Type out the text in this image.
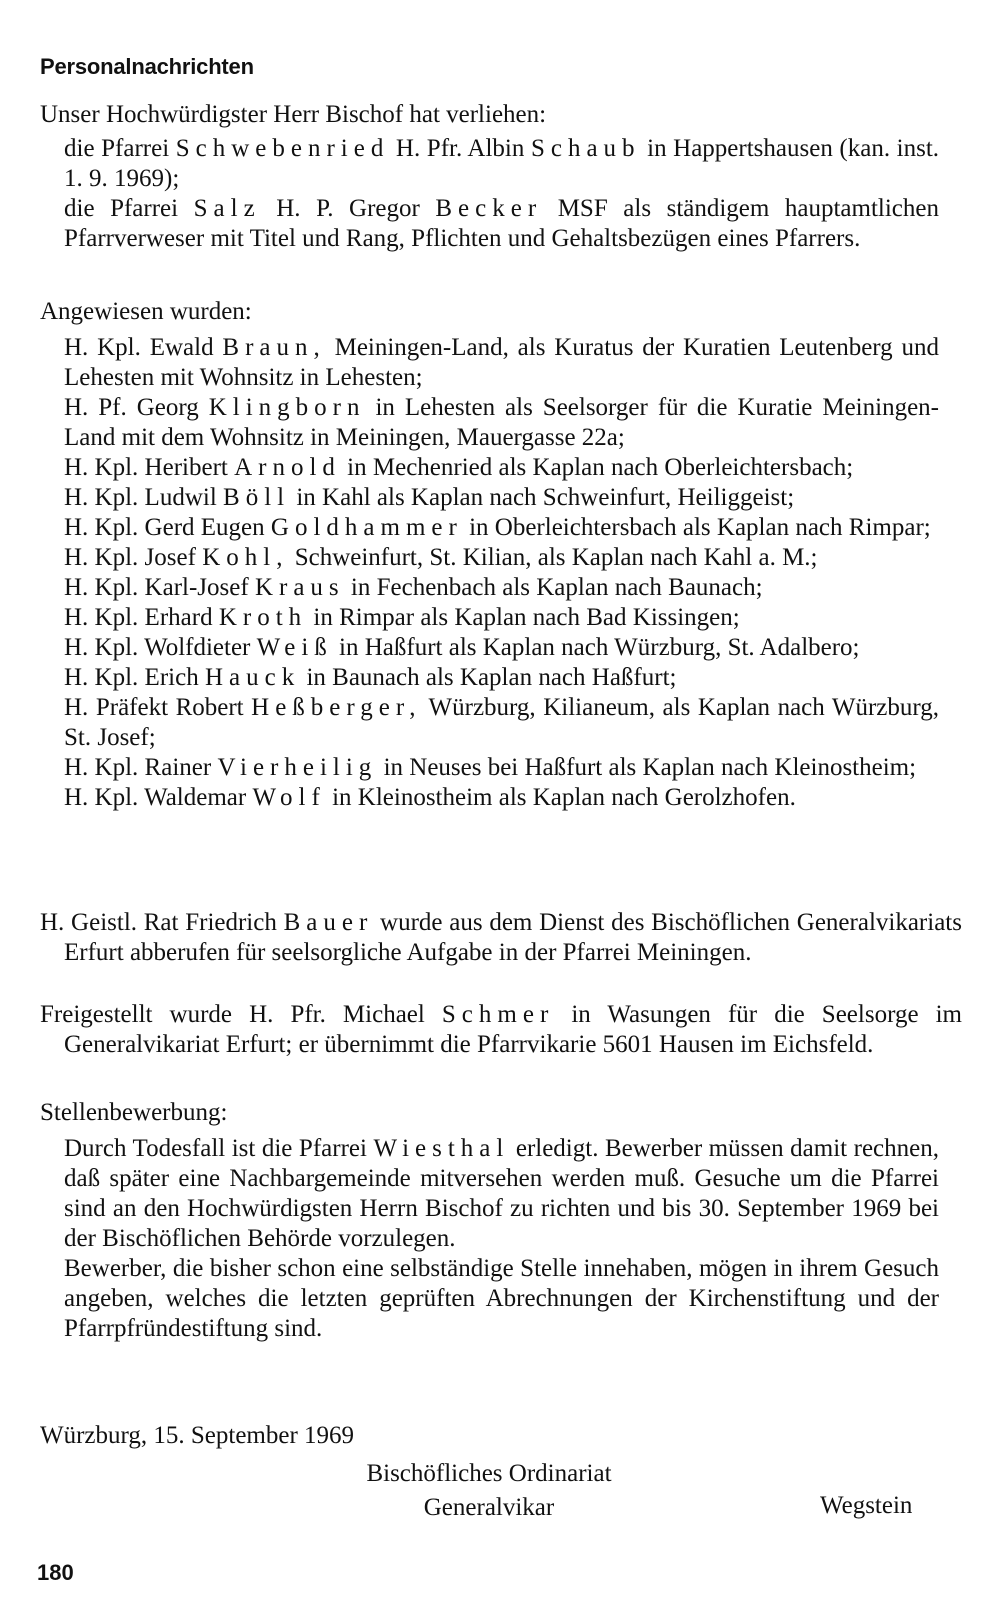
Personalnachrichten
Unser Hochwürdigster Herr Bischof hat verliehen:

die Pfarrei Schwebenried H. Pfr. Albin Schaub in Happertshausen (kan. inst. 1. 9. 1969);

die Pfarrei Salz H. P. Gregor Becker MSF als ständigem hauptamtlichen Pfarrverweser mit Titel und Rang, Pflichten und Gehaltsbezügen eines Pfarrers.

Angewiesen wurden:

H. Kpl. Ewald Braun, Meiningen-Land, als Kuratus der Kuratien Leutenberg und Lehesten mit Wohnsitz in Lehesten;

H. Pf. Georg Klingborn in Lehesten als Seelsorger für die Kuratie Meiningen-Land mit dem Wohnsitz in Meiningen, Mauergasse 22a;

H. Kpl. Heribert Arnold in Mechenried als Kaplan nach Oberleichtersbach;

H. Kpl. Ludwil Böll in Kahl als Kaplan nach Schweinfurt, Heiliggeist;

H. Kpl. Gerd Eugen Goldhammer in Oberleichtersbach als Kaplan nach Rimpar;

H. Kpl. Josef Kohl, Schweinfurt, St. Kilian, als Kaplan nach Kahl a. M.;

H. Kpl. Karl-Josef Kraus in Fechenbach als Kaplan nach Baunach;

H. Kpl. Erhard Kroth in Rimpar als Kaplan nach Bad Kissingen;

H. Kpl. Wolfdieter Weiß in Haßfurt als Kaplan nach Würzburg, St. Adalbero;

H. Kpl. Erich Hauck in Baunach als Kaplan nach Haßfurt;

H. Präfekt Robert Heßberger, Würzburg, Kilianeum, als Kaplan nach Würzburg, St. Josef;

H. Kpl. Rainer Vierheilig in Neuses bei Haßfurt als Kaplan nach Kleinostheim;

H. Kpl. Waldemar Wolf in Kleinostheim als Kaplan nach Gerolzhofen.

H. Geistl. Rat Friedrich Bauer wurde aus dem Dienst des Bischöflichen Generalvikariats Erfurt abberufen für seelsorgliche Aufgabe in der Pfarrei Meiningen.
Freigestellt wurde H. Pfr. Michael Schmer in Wasungen für die Seelsorge im Generalvikariat Erfurt; er übernimmt die Pfarrvikarie 5601 Hausen im Eichsfeld.
Stellenbewerbung:

Durch Todesfall ist die Pfarrei Wiesthal erledigt. Bewerber müssen damit rechnen, daß später eine Nachbargemeinde mitversehen werden muß. Gesuche um die Pfarrei sind an den Hochwürdigsten Herrn Bischof zu richten und bis 30. September 1969 bei der Bischöflichen Behörde vorzulegen.

Bewerber, die bisher schon eine selbständige Stelle innehaben, mögen in ihrem Gesuch angeben, welches die letzten geprüften Abrechnungen der Kirchenstiftung und der Pfarrpfründestiftung sind.

Würzburg, 15. September 1969
Bischöfliches Ordinariat
Generalvikar	Wegstein
180
